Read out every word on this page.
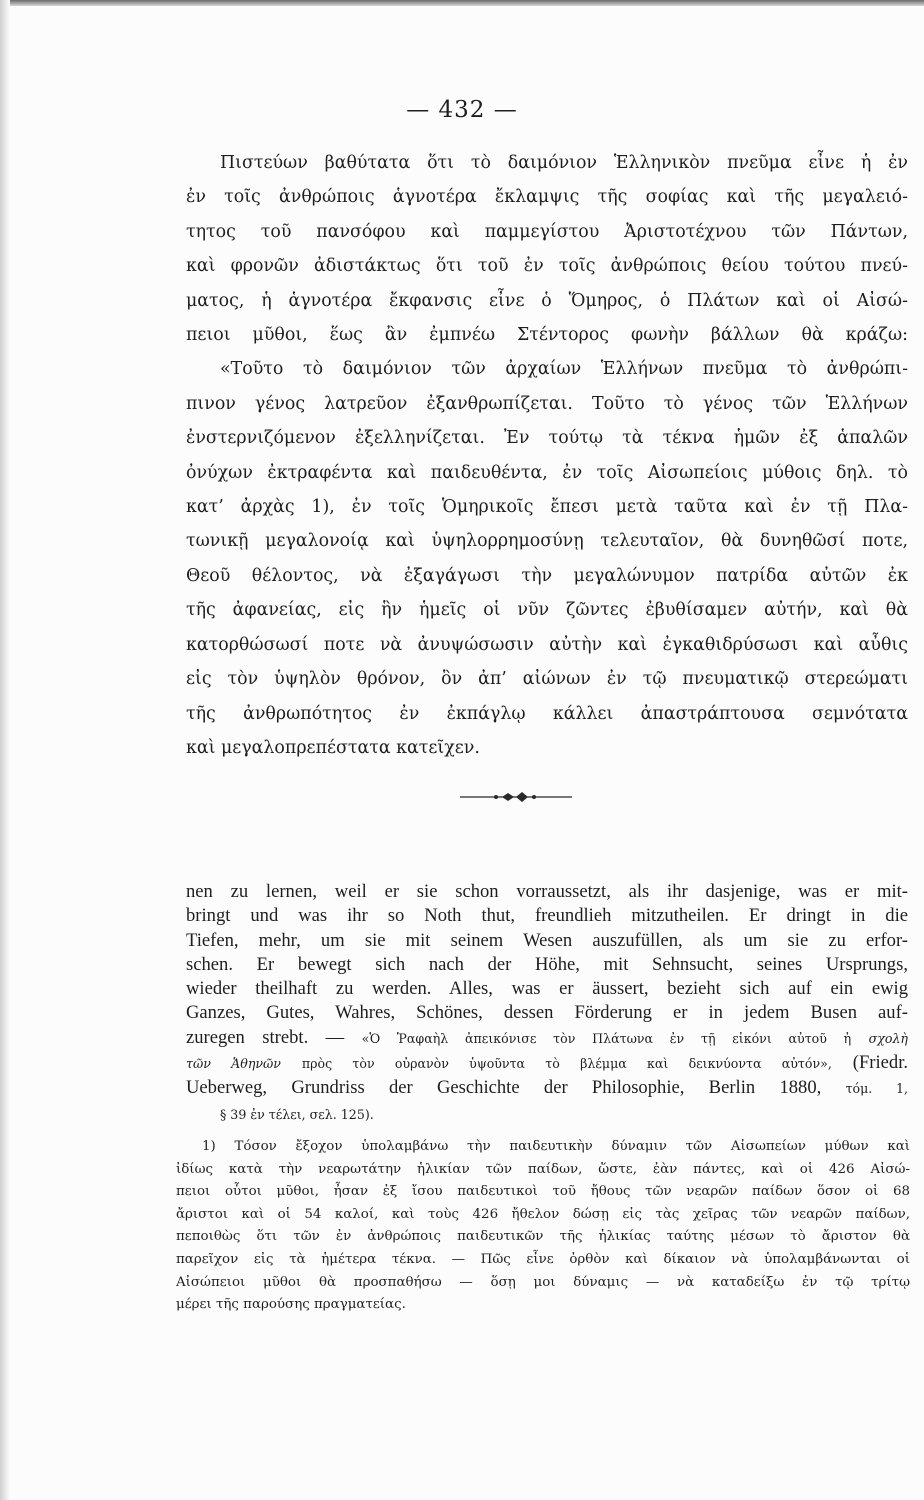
— 432 —
Πιστεύων βαθύτατα ὅτι τὸ δαιμόνιον Ἑλληνικὸν πνεῦμα εἶνε ἡ ἐν
ἐν τοῖς ἀνθρώποις ἁγνοτέρα ἔκλαμψις τῆς σοφίας καὶ τῆς μεγαλειό-
τητος τοῦ πανσόφου καὶ παμμεγίστου Ἀριστοτέχνου τῶν Πάντων,
καὶ φρονῶν ἀδιστάκτως ὅτι τοῦ ἐν τοῖς ἀνθρώποις θείου τούτου πνεύ-
ματος, ἡ ἁγνοτέρα ἔκφανσις εἶνε ὁ Ὅμηρος, ὁ Πλάτων καὶ οἱ Αἰσώ-
πειοι μῦθοι, ἕως ἂν ἐμπνέω Στέντορος φωνὴν βάλλων θὰ κράζω:
«Τοῦτο τὸ δαιμόνιον τῶν ἀρχαίων Ἑλλήνων πνεῦμα τὸ ἀνθρώπι-
πινον γένος λατρεῦον ἐξανθρωπίζεται. Τοῦτο τὸ γένος τῶν Ἑλλήνων
ἐνστερνιζόμενον ἐξελληνίζεται. Ἐν τούτῳ τὰ τέκνα ἡμῶν ἐξ ἁπαλῶν
ὀνύχων ἐκτραφέντα καὶ παιδευθέντα, ἐν τοῖς Αἰσωπείοις μύθοις δηλ. τὸ
κατ’ ἀρχὰς 1), ἐν τοῖς Ὁμηρικοῖς ἔπεσι μετὰ ταῦτα καὶ ἐν τῇ Πλα-
τωνικῇ μεγαλονοίᾳ καὶ ὑψηλορρημοσύνῃ τελευταῖον, θὰ δυνηθῶσί ποτε,
Θεοῦ θέλοντος, νὰ ἐξαγάγωσι τὴν μεγαλώνυμον πατρίδα αὐτῶν ἐκ
τῆς ἀφανείας, εἰς ἣν ἡμεῖς οἱ νῦν ζῶντες ἐβυθίσαμεν αὐτήν, καὶ θὰ
κατορθώσωσί ποτε νὰ ἀνυψώσωσιν αὐτὴν καὶ ἐγκαθιδρύσωσι καὶ αὖθις
εἰς τὸν ὑψηλὸν θρόνον, ὃν ἀπ’ αἰώνων ἐν τῷ πνευματικῷ στερεώματι
τῆς ἀνθρωπότητος ἐν ἐκπάγλῳ κάλλει ἀπαστράπτουσα σεμνότατα
καὶ μεγαλοπρεπέστατα κατεῖχεν.
nen zu lernen, weil er sie schon vorraussetzt, als ihr dasjenige, was er mit-
bringt und was ihr so Noth thut, freundlieh mitzutheilen. Er dringt in die
Tiefen, mehr, um sie mit seinem Wesen auszufüllen, als um sie zu erfor-
schen. Er bewegt sich nach der Höhe, mit Sehnsucht, seines Ursprungs,
wieder theilhaft zu werden. Alles, was er äussert, bezieht sich auf ein ewig
Ganzes, Gutes, Wahres, Schönes, dessen Förderung er in jedem Busen auf-
zuregen strebt. — «Ὁ Ῥαφαὴλ ἀπεικόνισε τὸν Πλάτωνα ἐν τῇ εἰκόνι αὐτοῦ ἡ σχολὴ
τῶν Ἀθηνῶν πρὸς τὸν οὐρανὸν ὑψοῦντα τὸ βλέμμα καὶ δεικνύοντα αὐτόν», (Friedr.
Ueberweg, Grundriss der Geschichte der Philosophie, Berlin 1880, τόμ. 1,
§ 39 ἐν τέλει, σελ. 125).
1) Τόσον ἔξοχον ὑπολαμβάνω τὴν παιδευτικὴν δύναμιν τῶν Αἰσωπείων μύθων καὶ
ἰδίως κατὰ τὴν νεαρωτάτην ἡλικίαν τῶν παίδων, ὥστε, ἐὰν πάντες, καὶ οἱ 426 Αἰσώ-
πειοι οὗτοι μῦθοι, ἦσαν ἐξ ἴσου παιδευτικοὶ τοῦ ἤθους τῶν νεαρῶν παίδων ὅσον οἱ 68
ἄριστοι καὶ οἱ 54 καλοί, καὶ τοὺς 426 ἤθελον δώσῃ εἰς τὰς χεῖρας τῶν νεαρῶν παίδων,
πεποιθὼς ὅτι τῶν ἐν ἀνθρώποις παιδευτικῶν τῆς ἡλικίας ταύτης μέσων τὸ ἄριστον θὰ
παρεῖχον εἰς τὰ ἡμέτερα τέκνα. — Πῶς εἶνε ὀρθὸν καὶ δίκαιον νὰ ὑπολαμβάνωνται οἱ
Αἰσώπειοι μῦθοι θὰ προσπαθήσω — ὅσῃ μοι δύναμις — νὰ καταδείξω ἐν τῷ τρίτῳ
μέρει τῆς παρούσης πραγματείας.
